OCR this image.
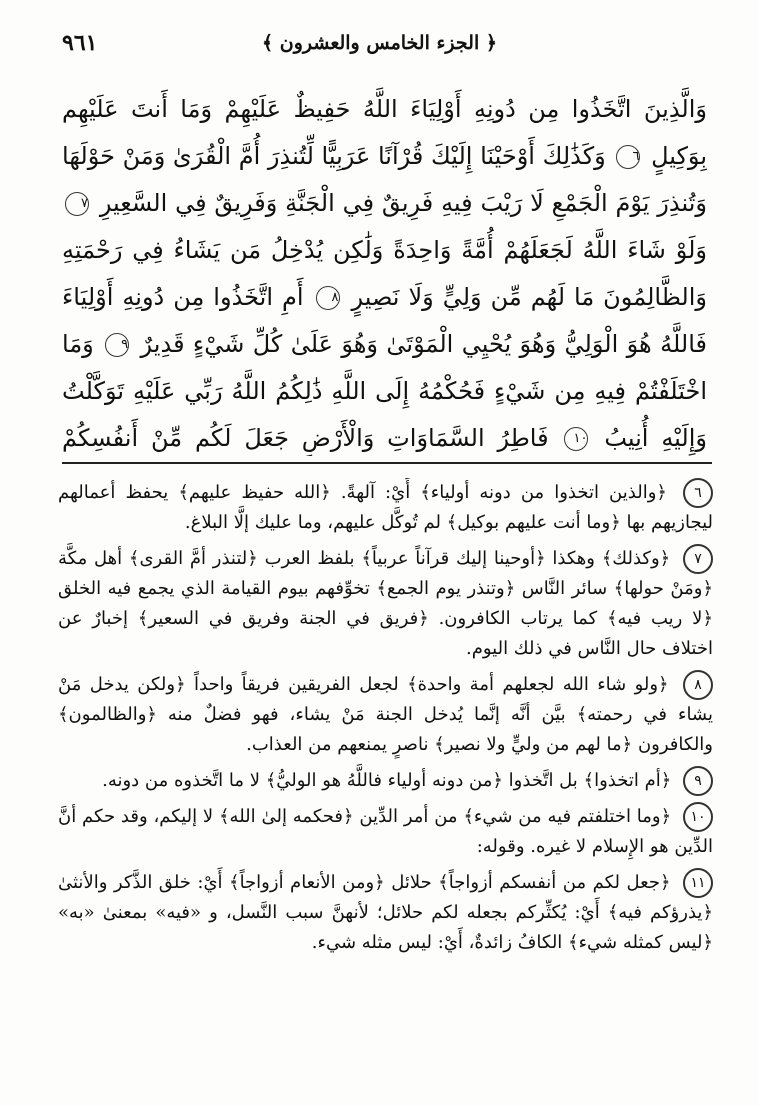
﴿ الجزء الخامس والعشرون ﴾
٩٦١
وَالَّذِينَ اتَّخَذُوا مِن دُونِهِ أَوْلِيَاءَ اللَّهُ حَفِيظٌ عَلَيْهِمْ وَمَا أَنتَ عَلَيْهِم بِوَكِيلٍ ٦ وَكَذَٰلِكَ أَوْحَيْنَا إِلَيْكَ قُرْآنًا عَرَبِيًّا لِّتُنذِرَ أُمَّ الْقُرَىٰ وَمَنْ حَوْلَهَا وَتُنذِرَ يَوْمَ الْجَمْعِ لَا رَيْبَ فِيهِ فَرِيقٌ فِي الْجَنَّةِ وَفَرِيقٌ فِي السَّعِيرِ ٧ وَلَوْ شَاءَ اللَّهُ لَجَعَلَهُمْ أُمَّةً وَاحِدَةً وَلَٰكِن يُدْخِلُ مَن يَشَاءُ فِي رَحْمَتِهِ وَالظَّالِمُونَ مَا لَهُم مِّن وَلِيٍّ وَلَا نَصِيرٍ ٨ أَمِ اتَّخَذُوا مِن دُونِهِ أَوْلِيَاءَ فَاللَّهُ هُوَ الْوَلِيُّ وَهُوَ يُحْيِي الْمَوْتَىٰ وَهُوَ عَلَىٰ كُلِّ شَيْءٍ قَدِيرٌ ٩ وَمَا اخْتَلَفْتُمْ فِيهِ مِن شَيْءٍ فَحُكْمُهُ إِلَى اللَّهِ ذَٰلِكُمُ اللَّهُ رَبِّي عَلَيْهِ تَوَكَّلْتُ وَإِلَيْهِ أُنِيبُ ١٠ فَاطِرُ السَّمَاوَاتِ وَالْأَرْضِ جَعَلَ لَكُم مِّنْ أَنفُسِكُمْ

٦ ﴿والذين اتخذوا من دونه أولياء﴾ أَيْ: آلهةً. ﴿الله حفيظ عليهم﴾ يحفظ أعمالهم ليجازيهم بها ﴿وما أنت عليهم بوكيل﴾ لم تُوكَّل عليهم، وما عليك إلَّا البلاغ.

٧ ﴿وكذلك﴾ وهكذا ﴿أوحينا إليك قرآناً عربياً﴾ بلفظ العرب ﴿لتنذر أمَّ القرى﴾ أهل مكَّة ﴿ومَنْ حولها﴾ سائر النَّاس ﴿وتنذر يوم الجمع﴾ تخوِّفهم بيوم القيامة الذي يجمع فيه الخلق ﴿لا ريب فيه﴾ كما يرتاب الكافرون. ﴿فريق في الجنة وفريق في السعير﴾ إخبارٌ عن اختلاف حال النَّاس في ذلك اليوم.

٨ ﴿ولو شاء الله لجعلهم أمة واحدة﴾ لجعل الفريقين فريقاً واحداً ﴿ولكن يدخل مَنْ يشاء في رحمته﴾ بيَّن أنَّه إنَّما يُدخل الجنة مَنْ يشاء، فهو فضلٌ منه ﴿والظالمون﴾ والكافرون ﴿ما لهم من وليٍّ ولا نصير﴾ ناصرٍ يمنعهم من العذاب.

٩ ﴿أم اتخذوا﴾ بل اتَّخذوا ﴿من دونه أولياء فاللَّهُ هو الوليُّ﴾ لا ما اتَّخذوه من دونه.

١٠ ﴿وما اختلفتم فيه من شيء﴾ من أمر الدِّين ﴿فحكمه إلىٰ الله﴾ لا إليكم، وقد حكم أنَّ الدِّين هو الإِسلام لا غيره. وقوله:

١١ ﴿جعل لكم من أنفسكم أزواجاً﴾ حلائل ﴿ومن الأنعام أزواجاً﴾ أَيْ: خلق الذَّكر والأنثىٰ ﴿يذرؤكم فيه﴾ أَيْ: يُكثِّركم بجعله لكم حلائل؛ لأنهنَّ سبب النَّسل، و «فيه» بمعنىٰ «به» ﴿ليس كمثله شيء﴾ الكافُ زائدةٌ، أَيْ: ليس مثله شيء.
